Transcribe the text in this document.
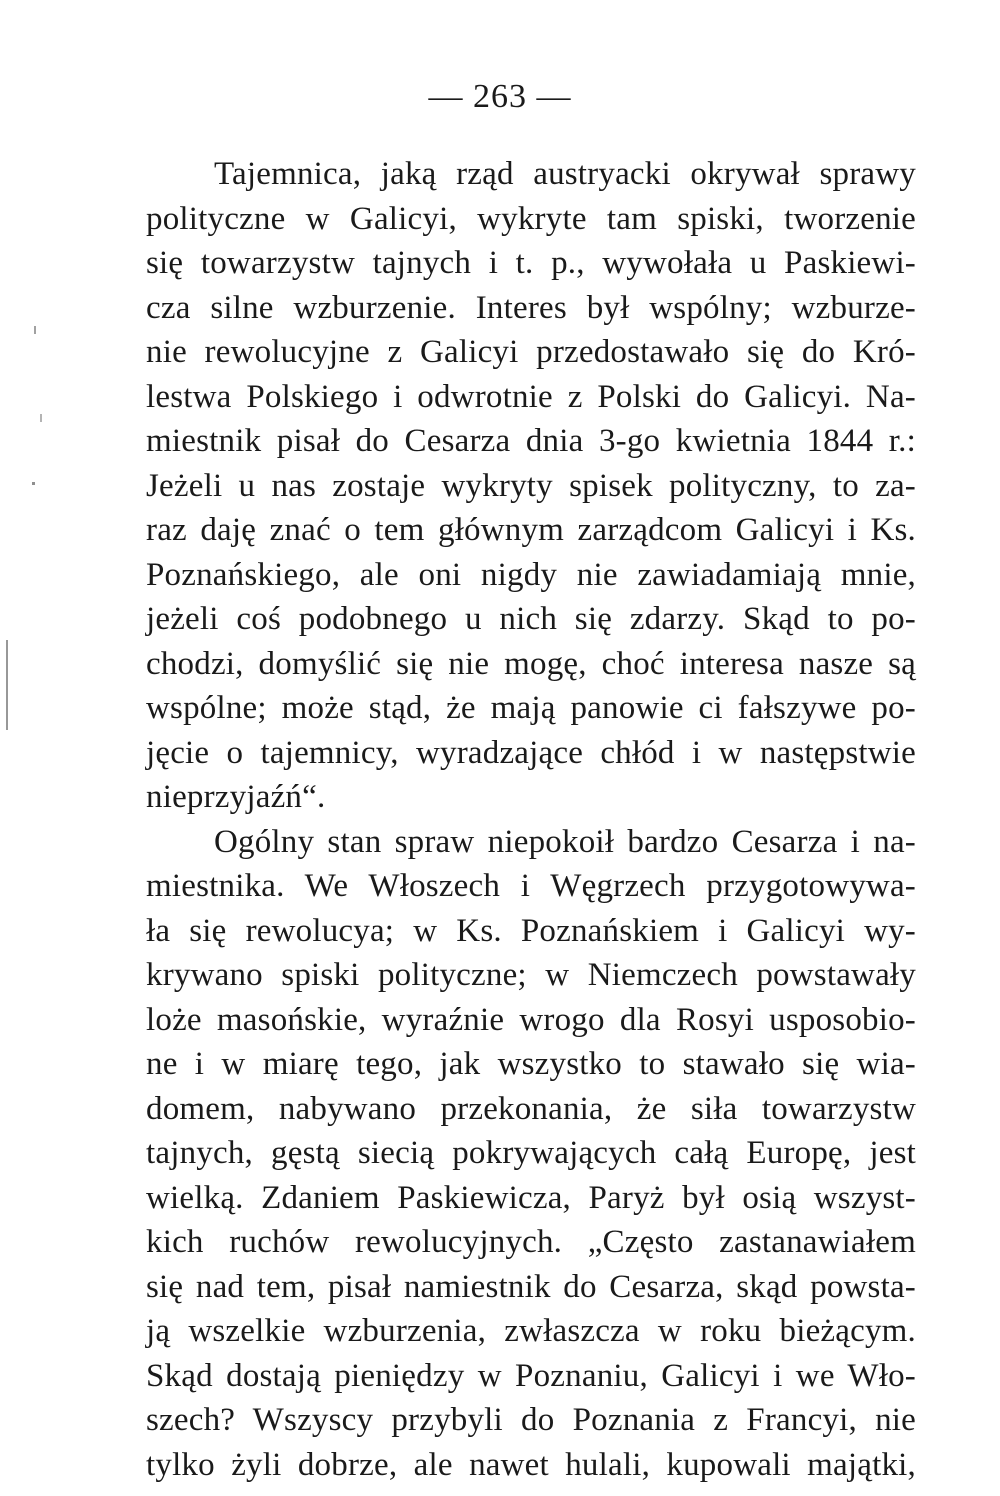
— 263 —
Tajemnica, jaką rząd austryacki okrywał sprawy
polityczne w Galicyi, wykryte tam spiski, tworzenie
się towarzystw tajnych i t. p., wywołała u Paskiewi-
cza silne wzburzenie. Interes był wspólny; wzburze-
nie rewolucyjne z Galicyi przedostawało się do Kró-
lestwa Polskiego i odwrotnie z Polski do Galicyi. Na-
miestnik pisał do Cesarza dnia 3-go kwietnia 1844 r.:
Jeżeli u nas zostaje wykryty spisek polityczny, to za-
raz daję znać o tem głównym zarządcom Galicyi i Ks.
Poznańskiego, ale oni nigdy nie zawiadamiają mnie,
jeżeli coś podobnego u nich się zdarzy. Skąd to po-
chodzi, domyślić się nie mogę, choć interesa nasze są
wspólne; może stąd, że mają panowie ci fałszywe po-
jęcie o tajemnicy, wyradzające chłód i w następstwie
nieprzyjaźń“.
Ogólny stan spraw niepokoił bardzo Cesarza i na-
miestnika. We Włoszech i Węgrzech przygotowywa-
ła się rewolucya; w Ks. Poznańskiem i Galicyi wy-
krywano spiski polityczne; w Niemczech powstawały
loże masońskie, wyraźnie wrogo dla Rosyi usposobio-
ne i w miarę tego, jak wszystko to stawało się wia-
domem, nabywano przekonania, że siła towarzystw
tajnych, gęstą siecią pokrywających całą Europę, jest
wielką. Zdaniem Paskiewicza, Paryż był osią wszyst-
kich ruchów rewolucyjnych. „Często zastanawiałem
się nad tem, pisał namiestnik do Cesarza, skąd powsta-
ją wszelkie wzburzenia, zwłaszcza w roku bieżącym.
Skąd dostają pieniędzy w Poznaniu, Galicyi i we Wło-
szech? Wszyscy przybyli do Poznania z Francyi, nie
tylko żyli dobrze, ale nawet hulali, kupowali majątki,
